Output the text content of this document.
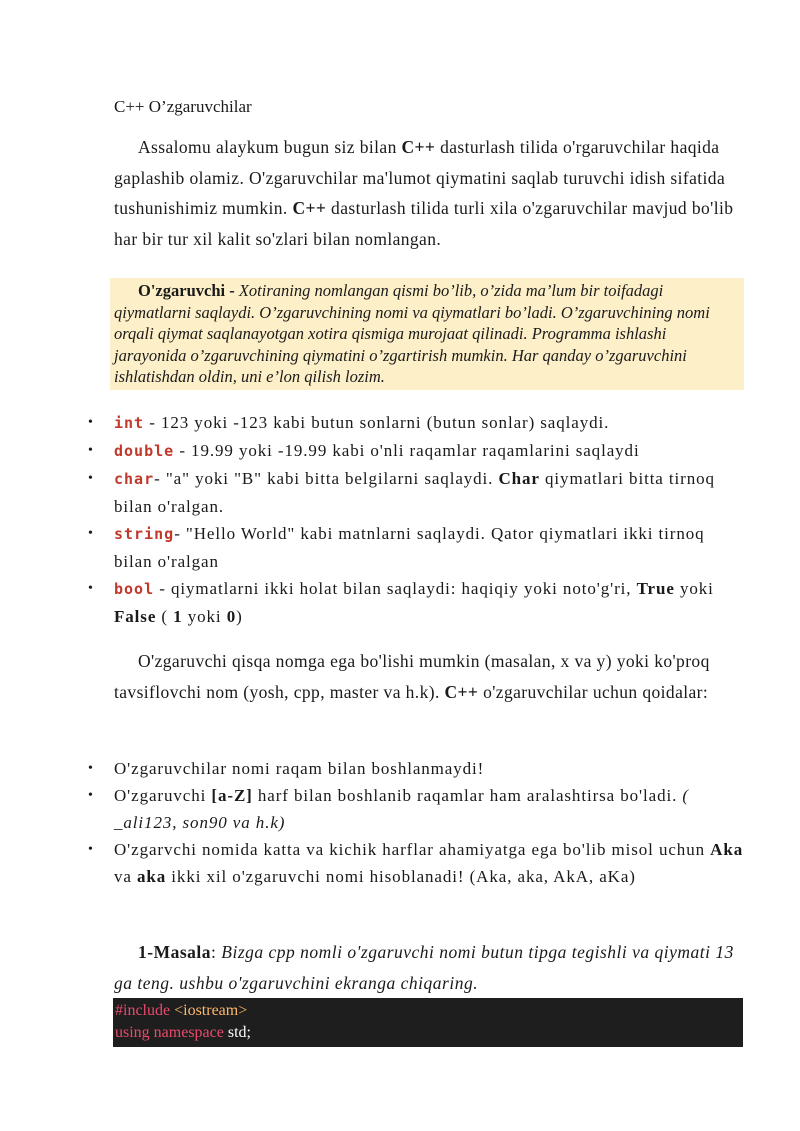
C++ O’zgaruvchilar
Assalomu alaykum bugun siz bilan C++ dasturlash tilida o'rgaruvchilar haqida gaplashib olamiz. O'zgaruvchilar ma'lumot qiymatini saqlab turuvchi idish sifatida tushunishimiz mumkin. C++ dasturlash tilida turli xila o'zgaruvchilar mavjud bo'lib har bir tur xil kalit so'zlari bilan nomlangan.
O'zgaruvchi - Xotiraning nomlangan qismi bo’lib, o’zida ma’lum bir toifadagi qiymatlarni saqlaydi. O’zgaruvchining nomi va qiymatlari bo’ladi. O’zgaruvchining nomi orqali qiymat saqlanayotgan xotira qismiga murojaat qilinadi. Programma ishlashi jarayonida o’zgaruvchining qiymatini o’zgartirish mumkin. Har qanday o’zgaruvchini ishlatishdan oldin, uni e’lon qilish lozim.
•	int - 123 yoki -123 kabi butun sonlarni (butun sonlar) saqlaydi.
•	double - 19.99 yoki -19.99 kabi o'nli raqamlar raqamlarini saqlaydi
•	char- "a" yoki "B" kabi bitta belgilarni saqlaydi. Char qiymatlari bitta tirnoq bilan o'ralgan.
•	string- "Hello World" kabi matnlarni saqlaydi. Qator qiymatlari ikki tirnoq bilan o'ralgan
•	bool - qiymatlarni ikki holat bilan saqlaydi: haqiqiy yoki noto'g'ri, True yoki False ( 1 yoki 0)
O'zgaruvchi qisqa nomga ega bo'lishi mumkin (masalan, x va y) yoki ko'proq tavsiflovchi nom (yosh, cpp, master va h.k). C++ o'zgaruvchilar uchun qoidalar:
•	O'zgaruvchilar nomi raqam bilan boshlanmaydi!
•	O'zgaruvchi [a-Z] harf bilan boshlanib raqamlar ham aralashtirsa bo'ladi. ( _ali123, son90 va h.k)
•	O'zgarvchi nomida katta va kichik harflar ahamiyatga ega bo'lib misol uchun Aka va aka ikki xil o'zgaruvchi nomi hisoblanadi! (Aka, aka, AkA, aKa)
1-Masala: Bizga cpp nomli o'zgaruvchi nomi butun tipga tegishli va qiymati 13 ga teng. ushbu o'zgaruvchini ekranga chiqaring.
#include <iostream>
using namespace std;
